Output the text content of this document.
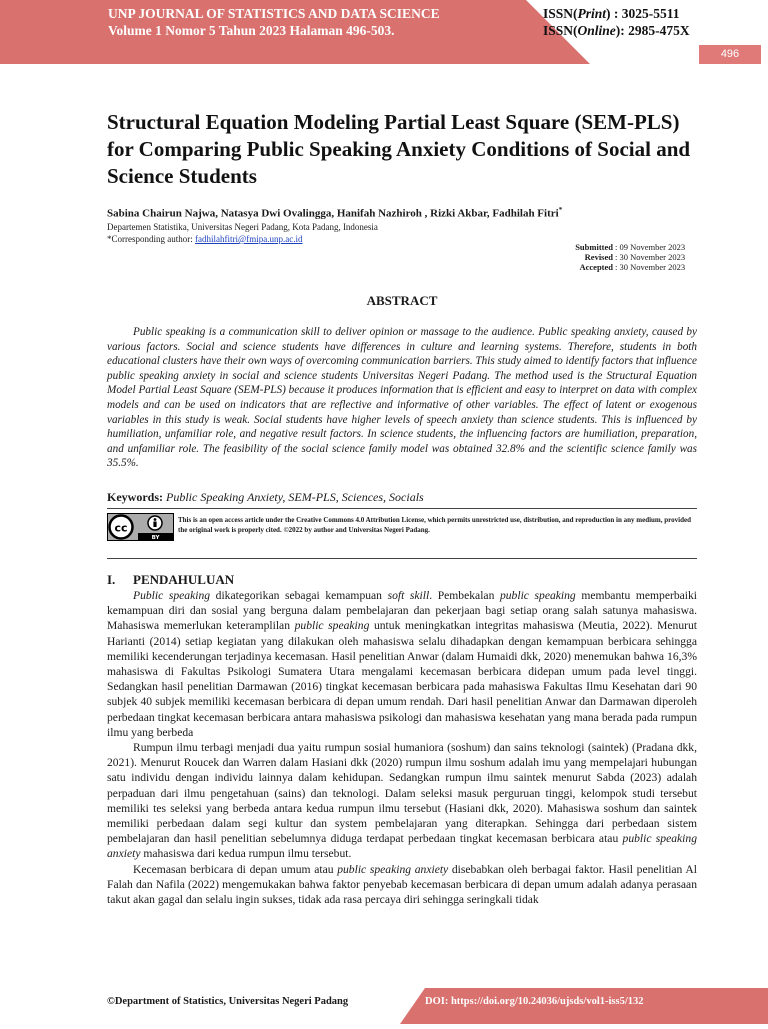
UNP JOURNAL OF STATISTICS AND DATA SCIENCE
Volume 1 Nomor 5 Tahun 2023 Halaman 496-503.
ISSN(Print) : 3025-5511
ISSN(Online): 2985-475X
496
Structural Equation Modeling Partial Least Square (SEM-PLS) for Comparing Public Speaking Anxiety Conditions of Social and Science Students
Sabina Chairun Najwa, Natasya Dwi Ovalingga, Hanifah Nazhiroh , Rizki Akbar, Fadhilah Fitri*
Departemen Statistika, Universitas Negeri Padang, Kota Padang, Indonesia
*Corresponding author: fadhilahfitri@fmipa.unp.ac.id
Submitted : 09 November 2023
Revised : 30 November 2023
Accepted : 30 November 2023
ABSTRACT
Public speaking is a communication skill to deliver opinion or massage to the audience. Public speaking anxiety, caused by various factors. Social and science students have differences in culture and learning systems. Therefore, students in both educational clusters have their own ways of overcoming communication barriers. This study aimed to identify factors that influence public speaking anxiety in social and science students Universitas Negeri Padang. The method used is the Structural Equation Model Partial Least Square (SEM-PLS) because it produces information that is efficient and easy to interpret on data with complex models and can be used on indicators that are reflective and informative of other variables. The effect of latent or exogenous variables in this study is weak. Social students have higher levels of speech anxiety than science students. This is influenced by humiliation, unfamiliar role, and negative result factors. In science students, the influencing factors are humiliation, preparation, and unfamiliar role. The feasibility of the social science family model was obtained 32.8% and the scientific science family was 35.5%.
Keywords: Public Speaking Anxiety, SEM-PLS, Sciences, Socials
cc
BY
This is an open access article under the Creative Commons 4.0 Attribution License, which permits unrestricted use, distribution, and reproduction in any medium, provided the original work is properly cited. ©2022 by author and Universitas Negeri Padang.
I. PENDAHULUAN

Public speaking dikategorikan sebagai kemampuan soft skill. Pembekalan public speaking membantu memperbaiki kemampuan diri dan sosial yang berguna dalam pembelajaran dan pekerjaan bagi setiap orang salah satunya mahasiswa. Mahasiswa memerlukan keteramplilan public speaking untuk meningkatkan integritas mahasiswa (Meutia, 2022). Menurut Harianti (2014) setiap kegiatan yang dilakukan oleh mahasiswa selalu dihadapkan dengan kemampuan berbicara sehingga memiliki kecenderungan terjadinya kecemasan. Hasil penelitian Anwar (dalam Humaidi dkk, 2020) menemukan bahwa 16,3% mahasiswa di Fakultas Psikologi Sumatera Utara mengalami kecemasan berbicara didepan umum pada level tinggi. Sedangkan hasil penelitian Darmawan (2016) tingkat kecemasan berbicara pada mahasiswa Fakultas Ilmu Kesehatan dari 90 subjek 40 subjek memiliki kecemasan berbicara di depan umum rendah. Dari hasil penelitian Anwar dan Darmawan diperoleh perbedaan tingkat kecemasan berbicara antara mahasiswa psikologi dan mahasiswa kesehatan yang mana berada pada rumpun ilmu yang berbeda

Rumpun ilmu terbagi menjadi dua yaitu rumpun sosial humaniora (soshum) dan sains teknologi (saintek) (Pradana dkk, 2021). Menurut Roucek dan Warren dalam Hasiani dkk (2020) rumpun ilmu soshum adalah imu yang mempelajari hubungan satu individu dengan individu lainnya dalam kehidupan. Sedangkan rumpun ilmu saintek menurut Sabda (2023) adalah perpaduan dari ilmu pengetahuan (sains) dan teknologi. Dalam seleksi masuk perguruan tinggi, kelompok studi tersebut memiliki tes seleksi yang berbeda antara kedua rumpun ilmu tersebut (Hasiani dkk, 2020). Mahasiswa soshum dan saintek memiliki perbedaan dalam segi kultur dan system pembelajaran yang diterapkan. Sehingga dari perbedaan sistem pembelajaran dan hasil penelitian sebelumnya diduga terdapat perbedaan tingkat kecemasan berbicara atau public speaking anxiety mahasiswa dari kedua rumpun ilmu tersebut.

Kecemasan berbicara di depan umum atau public speaking anxiety disebabkan oleh berbagai faktor. Hasil penelitian Al Falah dan Nafila (2022) mengemukakan bahwa faktor penyebab kecemasan berbicara di depan umum adalah adanya perasaan takut akan gagal dan selalu ingin sukses, tidak ada rasa percaya diri sehingga seringkali tidak

©Department of Statistics, Universitas Negeri Padang	DOI: https://doi.org/10.24036/ujsds/vol1-iss5/132
